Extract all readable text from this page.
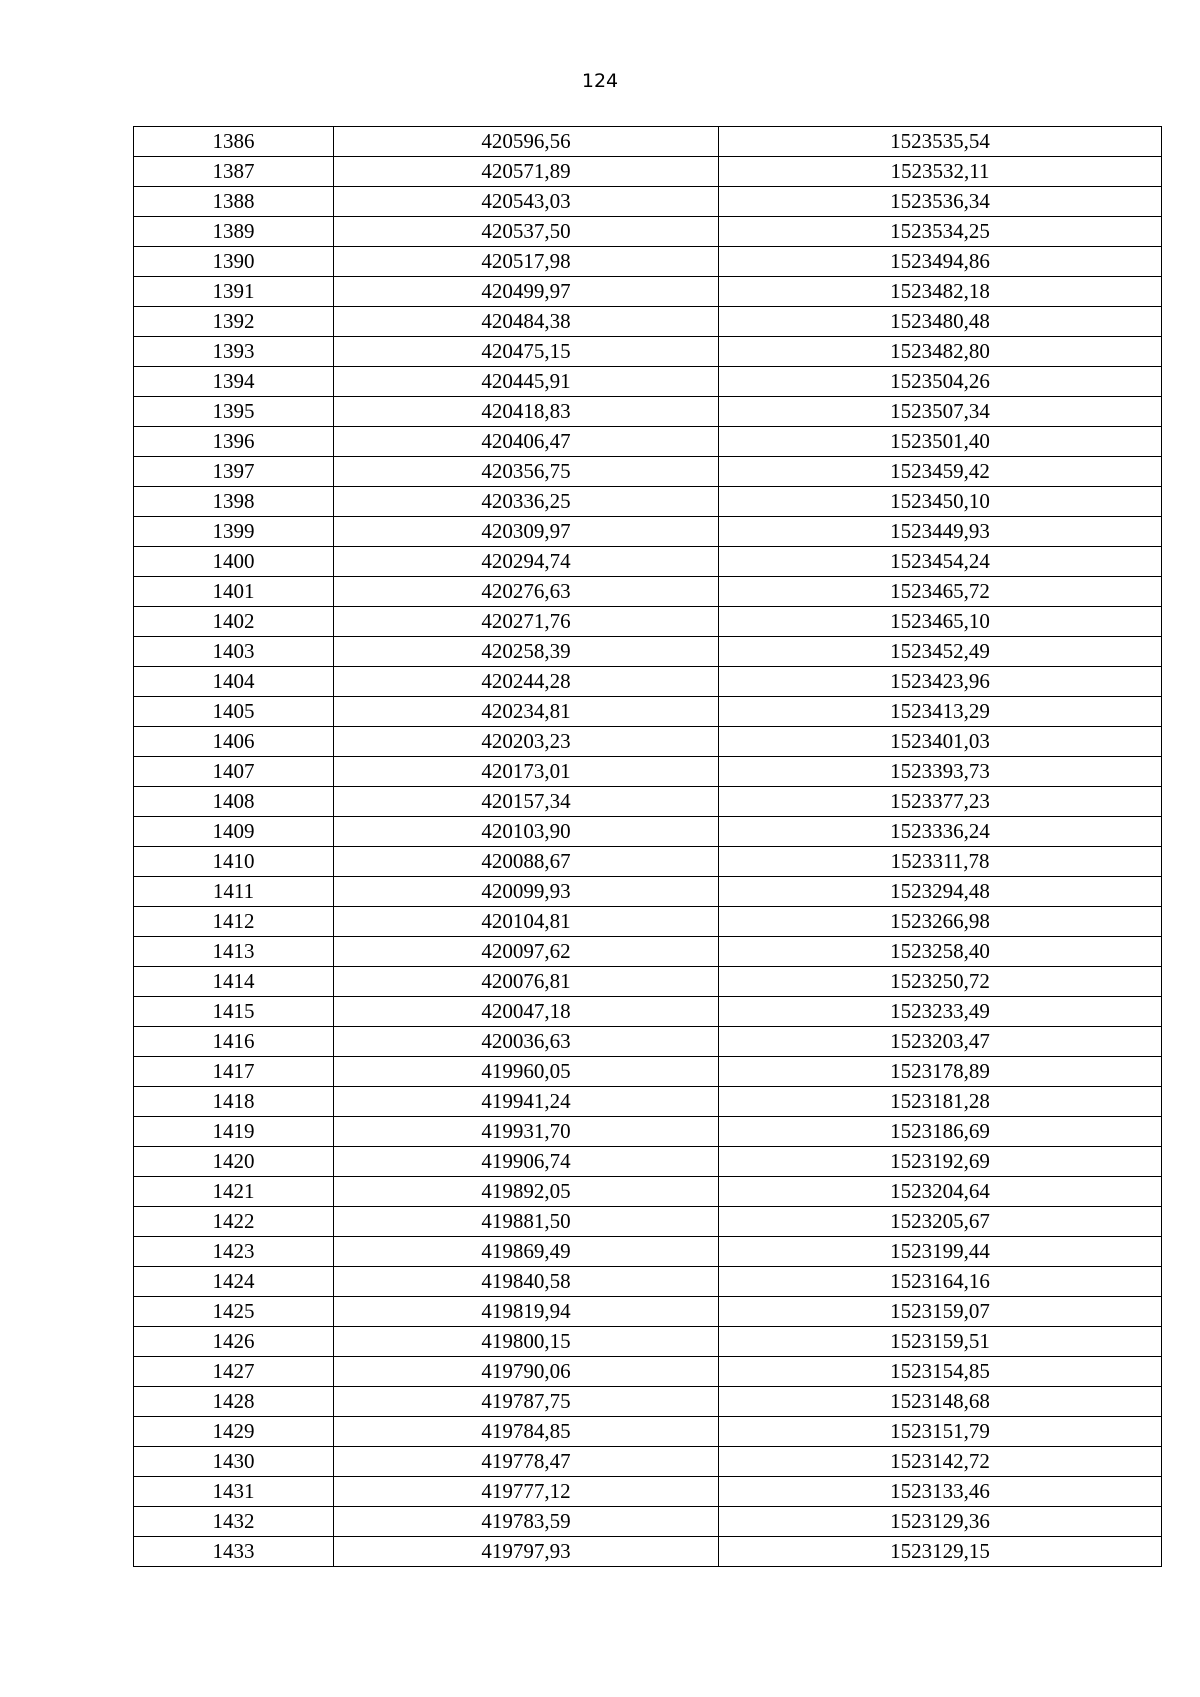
124
1386	420596,56	1523535,54
1387	420571,89	1523532,11
1388	420543,03	1523536,34
1389	420537,50	1523534,25
1390	420517,98	1523494,86
1391	420499,97	1523482,18
1392	420484,38	1523480,48
1393	420475,15	1523482,80
1394	420445,91	1523504,26
1395	420418,83	1523507,34
1396	420406,47	1523501,40
1397	420356,75	1523459,42
1398	420336,25	1523450,10
1399	420309,97	1523449,93
1400	420294,74	1523454,24
1401	420276,63	1523465,72
1402	420271,76	1523465,10
1403	420258,39	1523452,49
1404	420244,28	1523423,96
1405	420234,81	1523413,29
1406	420203,23	1523401,03
1407	420173,01	1523393,73
1408	420157,34	1523377,23
1409	420103,90	1523336,24
1410	420088,67	1523311,78
1411	420099,93	1523294,48
1412	420104,81	1523266,98
1413	420097,62	1523258,40
1414	420076,81	1523250,72
1415	420047,18	1523233,49
1416	420036,63	1523203,47
1417	419960,05	1523178,89
1418	419941,24	1523181,28
1419	419931,70	1523186,69
1420	419906,74	1523192,69
1421	419892,05	1523204,64
1422	419881,50	1523205,67
1423	419869,49	1523199,44
1424	419840,58	1523164,16
1425	419819,94	1523159,07
1426	419800,15	1523159,51
1427	419790,06	1523154,85
1428	419787,75	1523148,68
1429	419784,85	1523151,79
1430	419778,47	1523142,72
1431	419777,12	1523133,46
1432	419783,59	1523129,36
1433	419797,93	1523129,15
